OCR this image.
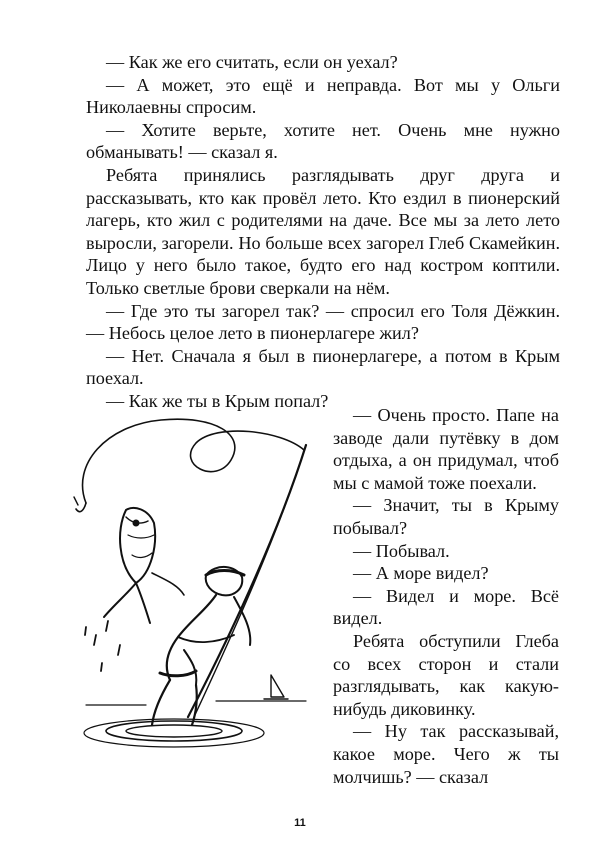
— Как же его считать, если он уехал?

— А может, это ещё и неправда. Вот мы у Ольги Николаевны спросим.

— Хотите верьте, хотите нет. Очень мне нужно обманывать! — сказал я.

Ребята принялись разглядывать друг друга и рассказывать, кто как провёл лето. Кто ездил в пионерский лагерь, кто жил с родителями на даче. Все мы за лето лето выросли, загорели. Но больше всех загорел Глеб Скамейкин. Лицо у него было такое, будто его над костром коптили. Только светлые брови сверкали на нём.

— Где это ты загорел так? — спросил его Толя Дёжкин. — Небось целое лето в пионерлагере жил?

— Нет. Сначала я был в пионерлагере, а потом в Крым поехал.

— Как же ты в Крым попал?

— Очень просто. Папе на заводе дали путёвку в дом отдыха, а он придумал, чтоб мы с мамой тоже поехали.

— Значит, ты в Крыму побывал?

— Побывал.

— А море видел?

— Видел и море. Всё видел.

Ребята обступили Глеба со всех сторон и стали разглядывать, как какую-нибудь диковинку.

— Ну так рассказывай, какое море. Чего ж ты молчишь? — сказал

11
